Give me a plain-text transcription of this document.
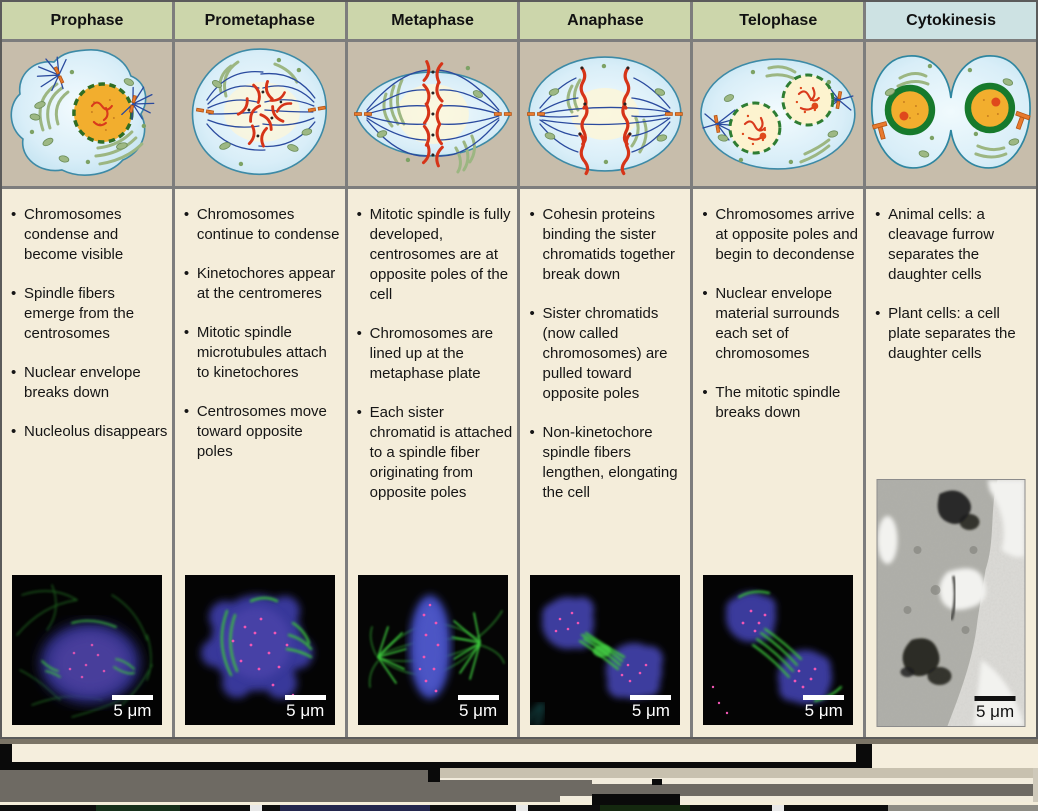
Prophase
• Chromosomes condense and become visible
• Spindle fibers emerge from the centrosomes
• Nuclear envelope breaks down
• Nucleolus disappears
5 μm
Prometaphase
• Chromosomes continue to condense
• Kinetochores appear at the centromeres
• Mitotic spindle microtubules attach to kinetochores
• Centrosomes move toward opposite poles
5 μm
Metaphase
• Mitotic spindle is fully developed, centrosomes are at opposite poles of the cell
• Chromosomes are lined up at the metaphase plate
• Each sister chromatid is attached to a spindle fiber originating from opposite poles
5 μm
Anaphase
• Cohesin proteins binding the sister chromatids together break down
• Sister chromatids (now called chromosomes) are pulled toward opposite poles
• Non-kinetochore spindle fibers lengthen, elongating the cell
5 μm
Telophase
• Chromosomes arrive at opposite poles and begin to decondense
• Nuclear envelope material surrounds each set of chromosomes
• The mitotic spindle breaks down
5 μm
Cytokinesis
• Animal cells: a cleavage furrow separates the daughter cells
• Plant cells: a cell plate separates the daughter cells
5 μm
